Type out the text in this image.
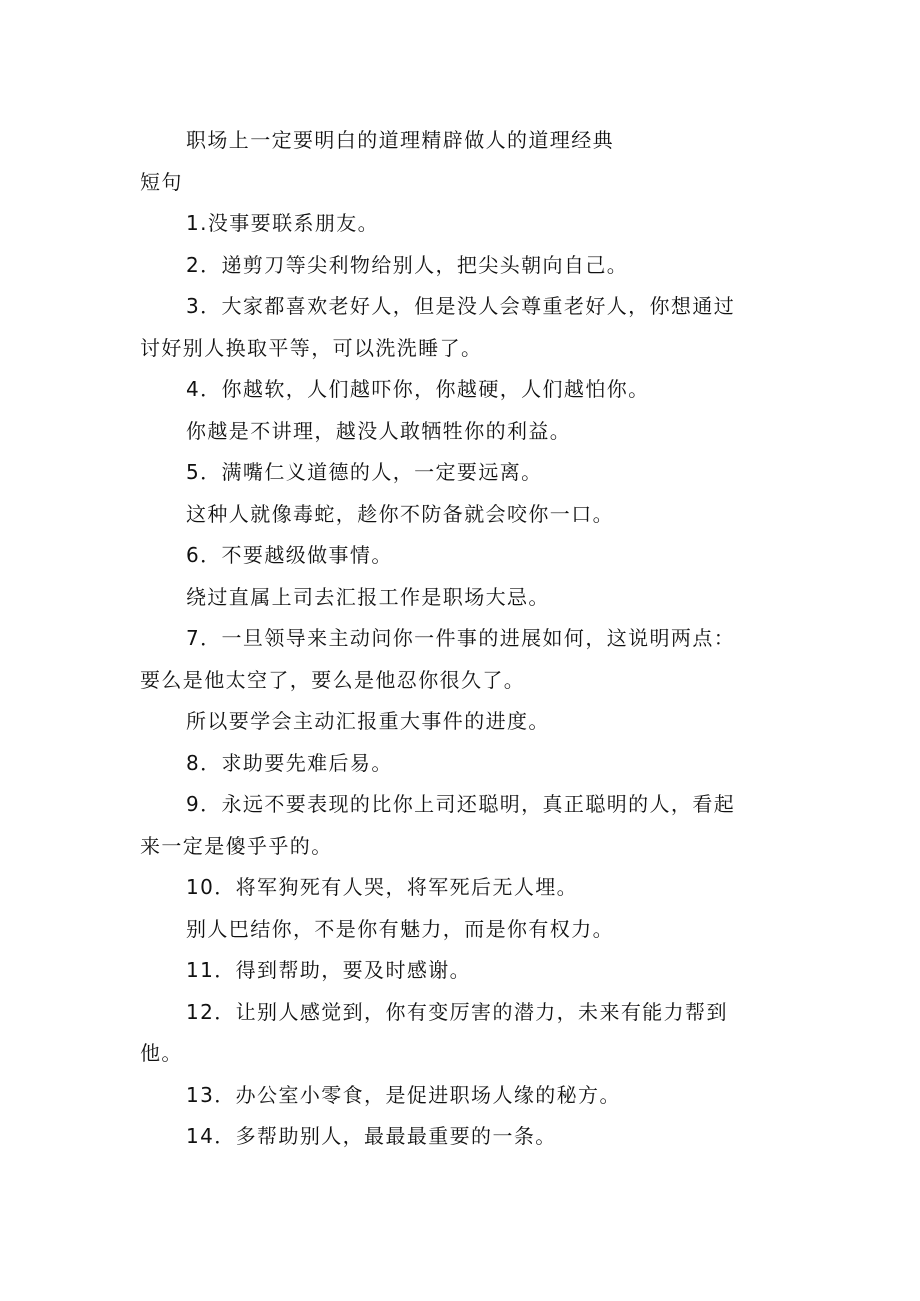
职场上一定要明白的道理精辟做人的道理经典
短句
1.没事要联系朋友。
2．递剪刀等尖利物给别人，把尖头朝向自己。
3．大家都喜欢老好人，但是没人会尊重老好人，你想通过
讨好别人换取平等，可以洗洗睡了。
4．你越软，人们越吓你，你越硬，人们越怕你。
你越是不讲理，越没人敢牺牲你的利益。
5．满嘴仁义道德的人，一定要远离。
这种人就像毒蛇，趁你不防备就会咬你一口。
6．不要越级做事情。
绕过直属上司去汇报工作是职场大忌。
7．一旦领导来主动问你一件事的进展如何，这说明两点：
要么是他太空了，要么是他忍你很久了。
所以要学会主动汇报重大事件的进度。
8．求助要先难后易。
9．永远不要表现的比你上司还聪明，真正聪明的人，看起
来一定是傻乎乎的。
10．将军狗死有人哭，将军死后无人埋。
别人巴结你，不是你有魅力，而是你有权力。
11．得到帮助，要及时感谢。
12．让别人感觉到，你有变厉害的潜力，未来有能力帮到
他。
13．办公室小零食，是促进职场人缘的秘方。
14．多帮助别人，最最最重要的一条。
